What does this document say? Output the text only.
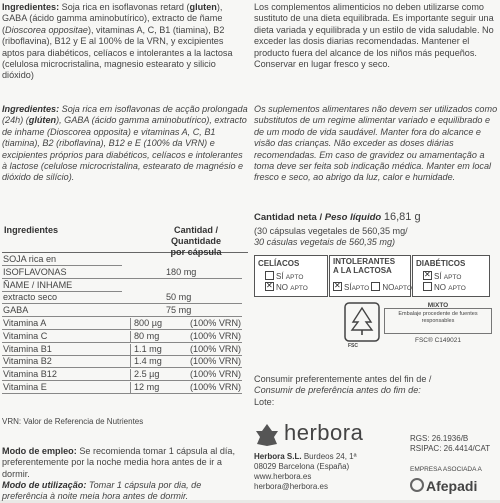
Ingredientes: Soja rica en isoflavonas retard (gluten), GABA (ácido gamma aminobutírico), extracto de ñame (Dioscorea oppositae), vitaminas A, C, B1 (tiamina), B2 (riboflavina), B12 y E al 100% de la VRN, y excipientes aptos para diabéticos, celíacos e intolerantes a la lactosa (celulosa microcristalina, magnesio estearato y silicio dióxido)

Ingredientes: Soja rica em isoflavonas de acção prolongada (24h) (glúten), GABA (ácido gamma aminobutírico), extracto de inhame (Dioscorea opposita) e vitaminas A, C, B1 (tiamina), B2 (riboflavina), B12 e E (100% da VRN) e excipientes próprios para diabéticos, celíacos e intolerantes à lactose (celulose microcristalina, estearato de magnésio e dióxido de silício).

Ingredientes	Cantidad / Quantidade
por cápsula
SOJA rica en
ISOFLAVONAS	180 mg
ÑAME / INHAME
extracto seco	50 mg
GABA	75 mg
Vitamina A	800 µg	(100% VRN)
Vitamina C	80 mg	(100% VRN)
Vitamina B1	1.1 mg	(100% VRN)
Vitamina B2	1.4 mg	(100% VRN)
Vitamina B12	2.5 µg	(100% VRN)
Vitamina E	12 mg	(100% VRN)

VRN: Valor de Referencia de Nutrientes

Modo de empleo: Se recomienda tomar 1 cápsula al día, preferentemente por la noche media hora antes de ir a dormir.

Modo de utilização: Tomar 1 cápsula por dia, de preferência à noite meia hora antes de dormir.

Los complementos alimenticios no deben utilizarse como sustituto de una dieta equilibrada. Es importante seguir una dieta variada y equilibrada y un estilo de vida saludable. No exceder las dosis diarias recomendadas. Mantener el producto fuera del alcance de los niños más pequeños. Conservar en lugar fresco y seco.

Os suplementos alimentares não devem ser utilizados como substitutos de um regime alimentar variado e equilibrado e de um modo de vida saudável. Manter fora do alcance e visão das crianças. Não exceder as doses diárias recomendadas. Em caso de gravidez ou amamentação a toma deve ser feita sob indicação médica. Manter em local fresco e seco, ao abrigo da luz, calor e humidade.

Cantidad neta / Peso líquido 16,81 g

(30 cápsulas vegetales de 560,35 mg/
30 cásulas vegetais de 560,35 mg)

CELÍACOS
SÍ APTO
✕NO APTO
INTOLERANTES
A LA LACTOSA
✕SÍAPTO NOAPTO
DIABÉTICOS
✕SÍ APTO
NO APTO
MIXTO
Embalaje procedente de fuentes responsables
FSC® C149021
FSC

Consumir preferentemente antes del fin de /
Consumir de preferência antes do fim de:
Lote:

herbora
Herbora S.L. Burdeos 24, 1ª
08029 Barcelona (España)
www.herbora.es
herbora@herbora.es
RGS: 26.1936/B
RSIPAC: 26.4414/CAT

EMPRESA ASOCIADA A
Afepadi
